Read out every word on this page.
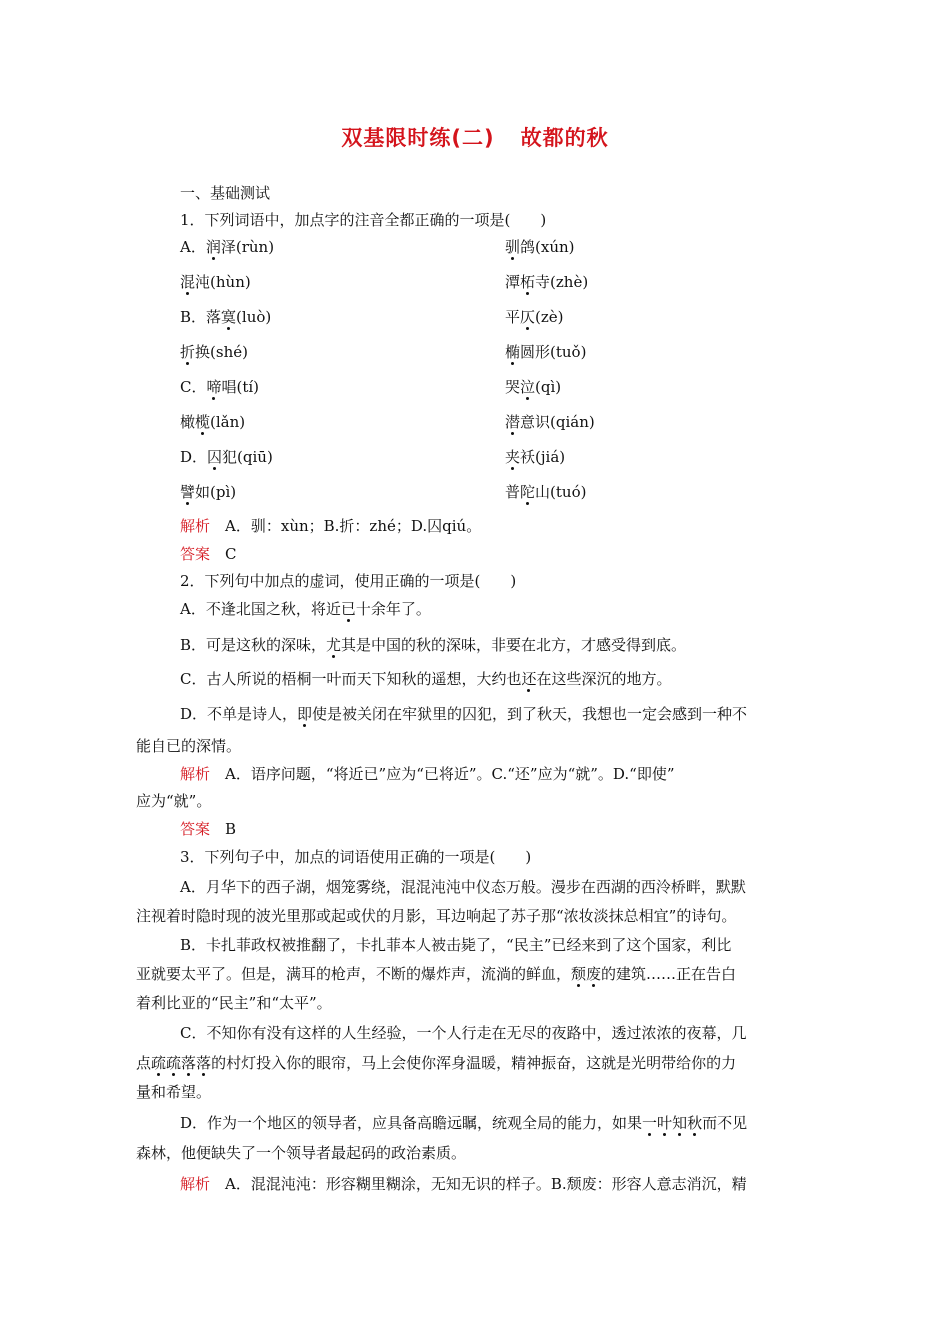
双基限时练(二) 故都的秋
一、基础测试
1．下列词语中，加点字的注音全都正确的一项是(　　)
A．润泽(rùn)	驯鸽(xún)
混沌(hùn)	潭柘寺(zhè)
B．落寞(luò)	平仄(zè)
折换(shé)	椭圆形(tuǒ)
C．啼唱(tí)	哭泣(qì)
橄榄(lǎn)	潜意识(qián)
D．囚犯(qiū)	夹袄(jiá)
譬如(pì)	普陀山(tuó)
解析　 A．驯：xùn；B.折：zhé；D.囚qiú。
答案　 C
2．下列句中加点的虚词，使用正确的一项是(　　)
A．不逢北国之秋，将近已十余年了。
B．可是这秋的深味，尤其是中国的秋的深味，非要在北方，才感受得到底。
C．古人所说的梧桐一叶而天下知秋的遥想，大约也还在这些深沉的地方。
D．不单是诗人，即使是被关闭在牢狱里的囚犯，到了秋天，我想也一定会感到一种不
能自已的深情。
解析　 A．语序问题，“将近已”应为“已将近”。C.“还”应为“就”。D.“即使”
应为“就”。
答案　 B
3．下列句子中，加点的词语使用正确的一项是(　　)
A．月华下的西子湖，烟笼雾绕，混混沌沌中仪态万般。漫步在西湖的西泠桥畔，默默
注视着时隐时现的波光里那或起或伏的月影，耳边响起了苏子那“浓妆淡抹总相宜”的诗句。
B．卡扎菲政权被推翻了，卡扎菲本人被击毙了，“民主”已经来到了这个国家，利比
亚就要太平了。但是，满耳的枪声，不断的爆炸声，流淌的鲜血，颓废的建筑……正在告白
着利比亚的“民主”和“太平”。
C．不知你有没有这样的人生经验，一个人行走在无尽的夜路中，透过浓浓的夜幕，几
点疏疏落落的村灯投入你的眼帘，马上会使你浑身温暖，精神振奋，这就是光明带给你的力
量和希望。
D．作为一个地区的领导者，应具备高瞻远瞩，统观全局的能力，如果一叶知秋而不见
森林，他便缺失了一个领导者最起码的政治素质。
解析　 A．混混沌沌：形容糊里糊涂，无知无识的样子。B.颓废：形容人意志消沉，精
